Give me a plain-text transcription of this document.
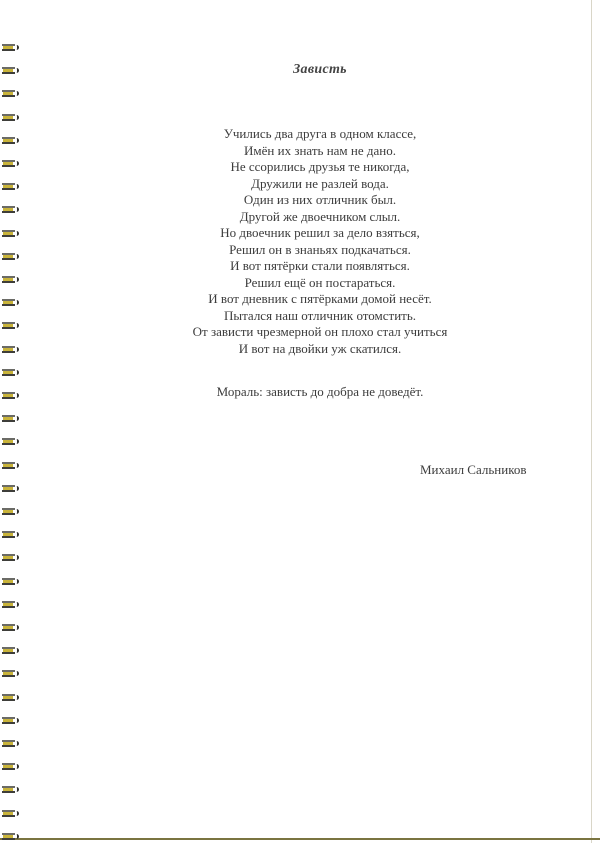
Зависть
Учились два друга в одном классе,
Имён их знать нам не дано.
Не ссорились друзья те никогда,
Дружили не разлей вода.
Один из них отличник был.
Другой же двоечником слыл.
Но двоечник решил за дело взяться,
Решил он в знаньях подкачаться.
И вот пятёрки стали появляться.
Решил ещё он постараться.
И вот дневник с пятёрками домой несёт.
Пытался наш отличник отомстить.
От зависти чрезмерной он плохо стал учиться
И вот на двойки уж скатился.
Мораль: зависть до добра не доведёт.
Михаил Сальников
